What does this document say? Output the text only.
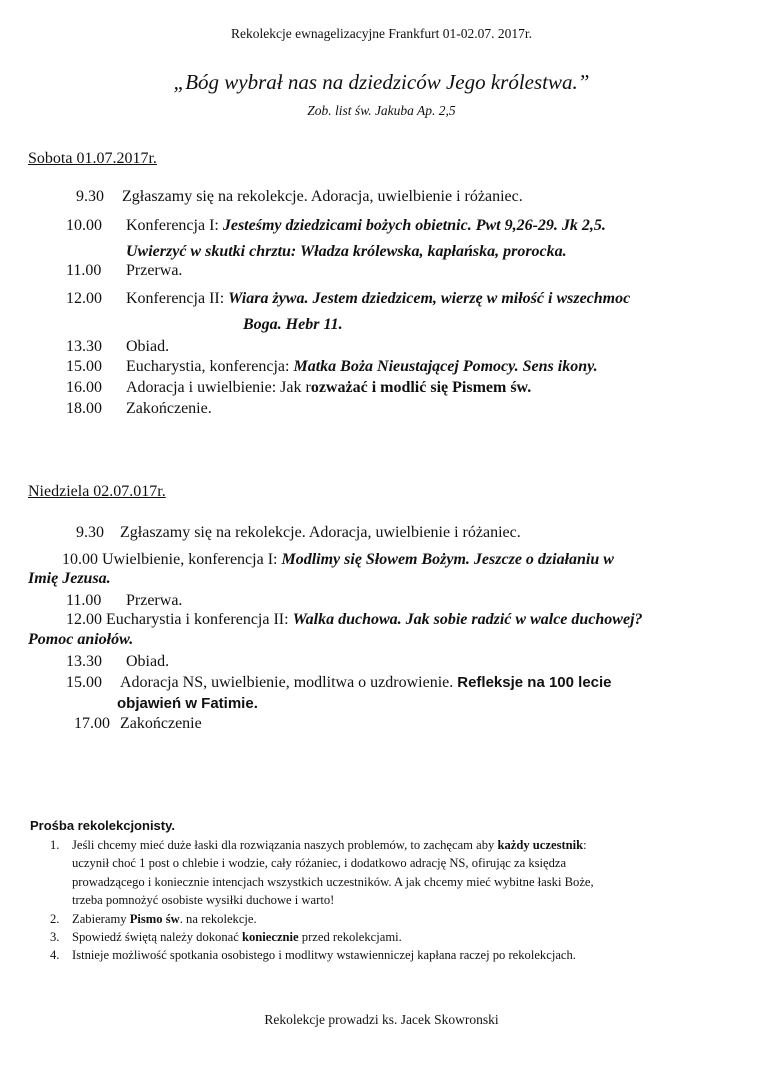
Rekolekcje ewnagelizacyjne Frankfurt 01-02.07. 2017r.
„Bóg wybrał nas na dziedziców Jego królestwa.”
Zob. list św. Jakuba Ap. 2,5
Sobota 01.07.2017r.
9.30 Zgłaszamy się na rekolekcje. Adoracja, uwielbienie i różaniec.
10.00 Konferencja I: Jesteśmy dziedzicami bożych obietnic. Pwt 9,26-29. Jk 2,5.
Uwierzyć w skutki chrztu: Władza królewska, kapłańska, prorocka.
11.00 Przerwa.
12.00 Konferencja II: Wiara żywa. Jestem dziedzicem, wierzę w miłość i wszechmoc
Boga. Hebr 11.
13.30 Obiad.
15.00 Eucharystia, konferencja: Matka Boża Nieustającej Pomocy. Sens ikony.
16.00 Adoracja i uwielbienie: Jak rozważać i modlić się Pismem św.
18.00 Zakończenie.
Niedziela 02.07.017r.
9.30 Zgłaszamy się na rekolekcje. Adoracja, uwielbienie i różaniec.
10.00 Uwielbienie, konferencja I: Modlimy się Słowem Bożym. Jeszcze o działaniu w
Imię Jezusa.
11.00 Przerwa.
12.00 Eucharystia i konferencja II: Walka duchowa. Jak sobie radzić w walce duchowej?
Pomoc aniołów.
13.30 Obiad.
15.00 Adoracja NS, uwielbienie, modlitwa o uzdrowienie. Refleksje na 100 lecie
objawień w Fatimie.
17.00 Zakończenie
Prośba rekolekcjonisty.
1. Jeśli chcemy mieć duże łaski dla rozwiązania naszych problemów, to zachęcam aby każdy uczestnik:
uczynił choć 1 post o chlebie i wodzie, cały różaniec, i dodatkowo adrację NS, ofirując za księdza
prowadzącego i koniecznie intencjach wszystkich uczestników. A jak chcemy mieć wybitne łaski Boże,
trzeba pomnożyć osobiste wysiłki duchowe i warto!
2. Zabieramy Pismo św. na rekolekcje.
3. Spowiedź świętą należy dokonać koniecznie przed rekolekcjami.
4. Istnieje możliwość spotkania osobistego i modlitwy wstawienniczej kapłana raczej po rekolekcjach.
Rekolekcje prowadzi ks. Jacek Skowronski
